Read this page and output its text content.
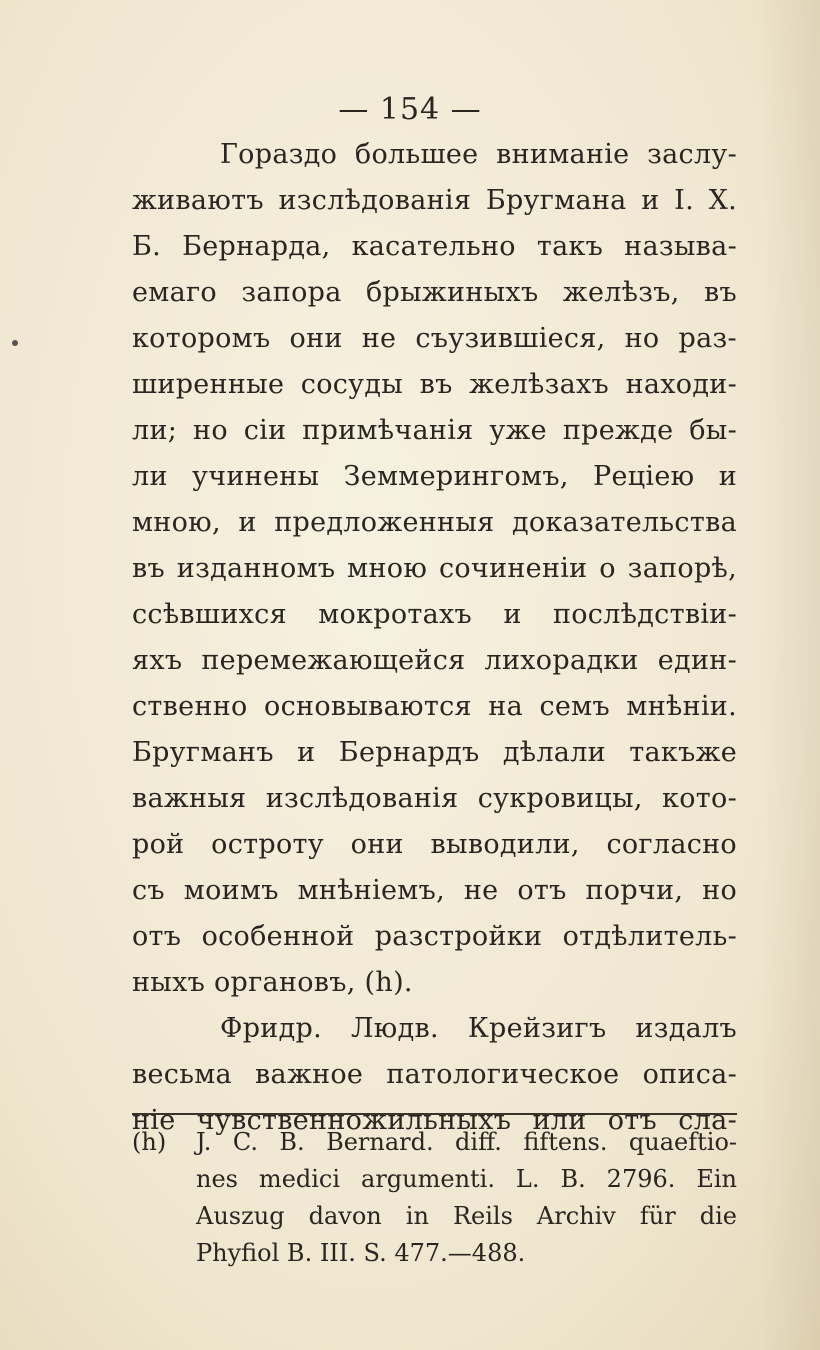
— 154 —
Гораздо большее вниманіе заслу-
живаютъ изслѣдованія Бругмана и I. X.
Б. Бернарда, касательно такъ называ-
емаго запора брыжиныхъ желѣзъ, въ
которомъ они не съузившіеся, но раз-
ширенные сосуды въ желѣзахъ находи-
ли; но сіи примѣчанія уже прежде бы-
ли учинены Земмерингомъ, Реціею и
мною, и предложенныя доказательства
въ изданномъ мною сочиненіи о запорѣ,
ссѣвшихся мокротахъ и послѣдствіи-
яхъ перемежающейся лихорадки един-
ственно основываются на семъ мнѣніи.
Бругманъ и Бернардъ дѣлали такъже
важныя изслѣдованія сукровицы, кото-
рой остроту они выводили, согласно
съ моимъ мнѣніемъ, не отъ порчи, но
отъ особенной разстройки отдѣлитель-
ныхъ органовъ, (h).
Фридр. Людв. Крейзигъ издалъ
весьма важное патологическое описа-
ніе чувственножильныхъ или отъ сла-
(h)	J. C. B. Bernard. diff. fiftens. quaeftio-
nes medici argumenti. L. B. 2796. Ein
Auszug davon in Reils Archiv für die
Phyfiol B. III. S. 477.—488.
